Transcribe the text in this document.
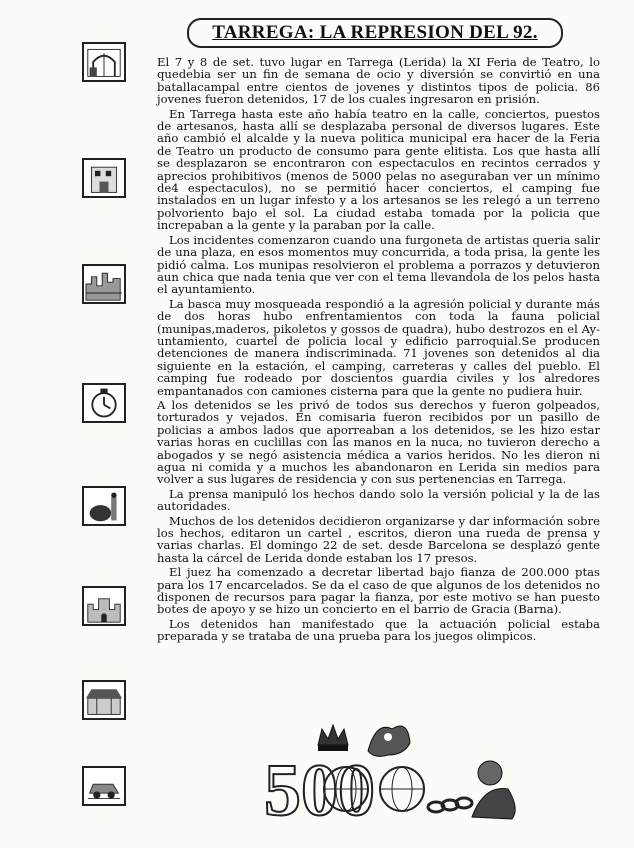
TARREGA: LA REPRESION DEL 92.

El 7 y 8 de set. tuvo lugar en Tarrega (Lerida) la XI Feria de Teatro, lo quedebia ser un fin de semana de ocio y diversión se convirtió en una batallacampal entre cientos de jovenes y distintos tipos de policia. 86 jovenes fueron detenidos, 17 de los cuales ingresaron en prisión.

En Tarrega hasta este año había teatro en la calle, conciertos, puestos de artesanos, hasta allí se desplazaba personal de diversos lugares. Este año cambió el alcalde y la nueva politica municipal era hacer de la Feria de Teatro un producto de consumo para gente elitista. Los que hasta allí se desplazaron se encontraron con espectaculos en recintos cerrados y aprecios prohibitivos (menos de 5000 pelas no aseguraban ver un mínimo de4 espectaculos), no se permitió hacer conciertos, el camping fue instalados en un lugar infesto y a los artesanos se les relegó a un terreno polvoriento bajo el sol. La ciudad estaba tomada por la policia que increpaban a la gente y la paraban por la calle.

Los incidentes comenzaron cuando una furgoneta de artistas queria salir de una plaza, en esos momentos muy concurrida, a toda prisa, la gente les pidió calma. Los munipas resolvieron el problema a porrazos y detuvieron aun chica que nada tenia que ver con el tema llevandola de los pelos hasta el ayuntamiento.

La basca muy mosqueada respondió a la agresión policial y durante más de dos horas hubo enfrentamientos con toda la fauna policial (munipas,maderos, pikoletos y gossos de quadra), hubo destrozos en el Ay-untamiento, cuartel de policia local y edificio parroquial.Se producen detenciones de manera indiscriminada. 71 jovenes son detenidos al dia siguiente en la estación, el camping, carreteras y calles del pueblo. El camping fue rodeado por doscientos guardia civiles y los alredores empantanados con camiones cisterna para que la gente no pudiera huir.

A los detenidos se les privó de todos sus derechos y fueron golpeados, torturados y vejados. En comisaria fueron recibidos por un pasillo de policias a ambos lados que aporreaban a los detenidos, se les hizo estar varias horas en cuclillas con las manos en la nuca, no tuvieron derecho a abogados y se negó asistencia médica a varios heridos. No les dieron ni agua ni comida y a muchos les abandonaron en Lerida sin medios para volver a sus lugares de residencia y con sus pertenencias en Tarrega.

La prensa manipuló los hechos dando solo la versión policial y la de las autoridades.

Muchos de los detenidos decidieron organizarse y dar información sobre los hechos, editaron un cartel , escritos, dieron una rueda de prensa y varias charlas. El domingo 22 de set. desde Barcelona se desplazó gente hasta la cárcel de Lerida donde estaban los 17 presos.

El juez ha comenzado a decretar libertad bajo fianza de 200.000 ptas para los 17 encarcelados. Se da el caso de que algunos de los detenidos no disponen de recursos para pagar la fianza, por este motivo se han puesto botes de apoyo y se hizo un concierto en el barrio de Gracia (Barna).

Los detenidos han manifestado que la actuación policial estaba preparada y se trataba de una prueba para los juegos olimpicos.

500
